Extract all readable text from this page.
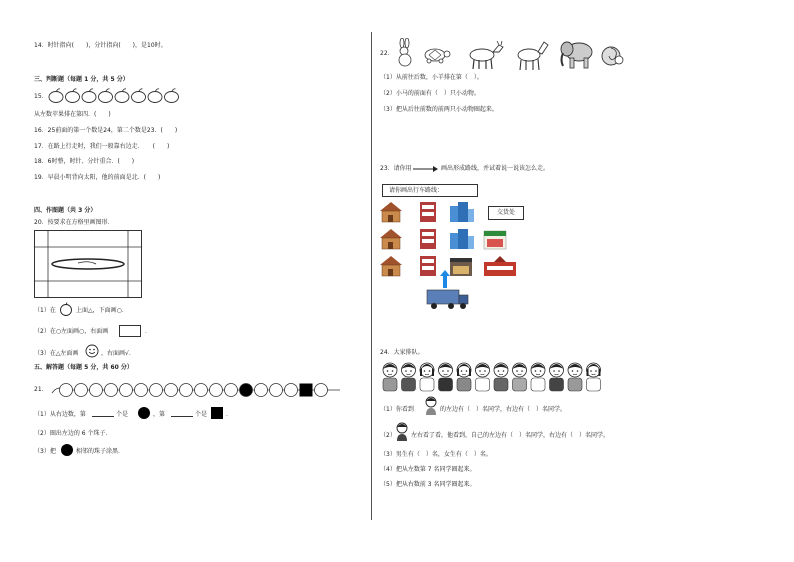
14．时针指向(　　)，分针指向(　　)，是10时。
三、判断题（每题 1 分，共 5 分）
15．
从左数苹果排在第四．(　　)
16．25前面的第一个数是24，第二个数是23．(　　)
17．在路上行走时，我们一般靠右边走．　　(　　)
18．6时整，时针、分针重合．(　　)
19．早晨小明背向太阳，他的前面是北．(　　)
四、作图题（共 3 分）
20．按要求在方格里画图形．
（1）在	上面△，下面画○．
（2）在○左面画○，右面画	．
（3）在△左面画	，右面画√．
五、解答题（每题 5 分，共 60 分）
21．
（1）从右边数，第	个是	，第	个是	．
（2）圈出左边的 6 个珠子．
（3）把	相邻的珠子涂黑．
22．
（1）从前往后数，小羊排在第（　）。
（2）小马的前面有（　）只小动物。
（3）把从后往前数的前两只小动物圈起来。
23．请你用	画出形成路线，并试着说一说该怎么走。
请你画出行车路线：
交货处
24．大家排队。
（1）你看到	的左边有（　）名同学，右边有（　）名同学。
（2）	左右看了看，他看到，自己的左边有（　）名同学，右边有（　）名同学。
（3）男生有（　）名，女生有（　）名。
（4）把从左数第 7 名同学圈起来。
（5）把从右数前 3 名同学圈起来。
